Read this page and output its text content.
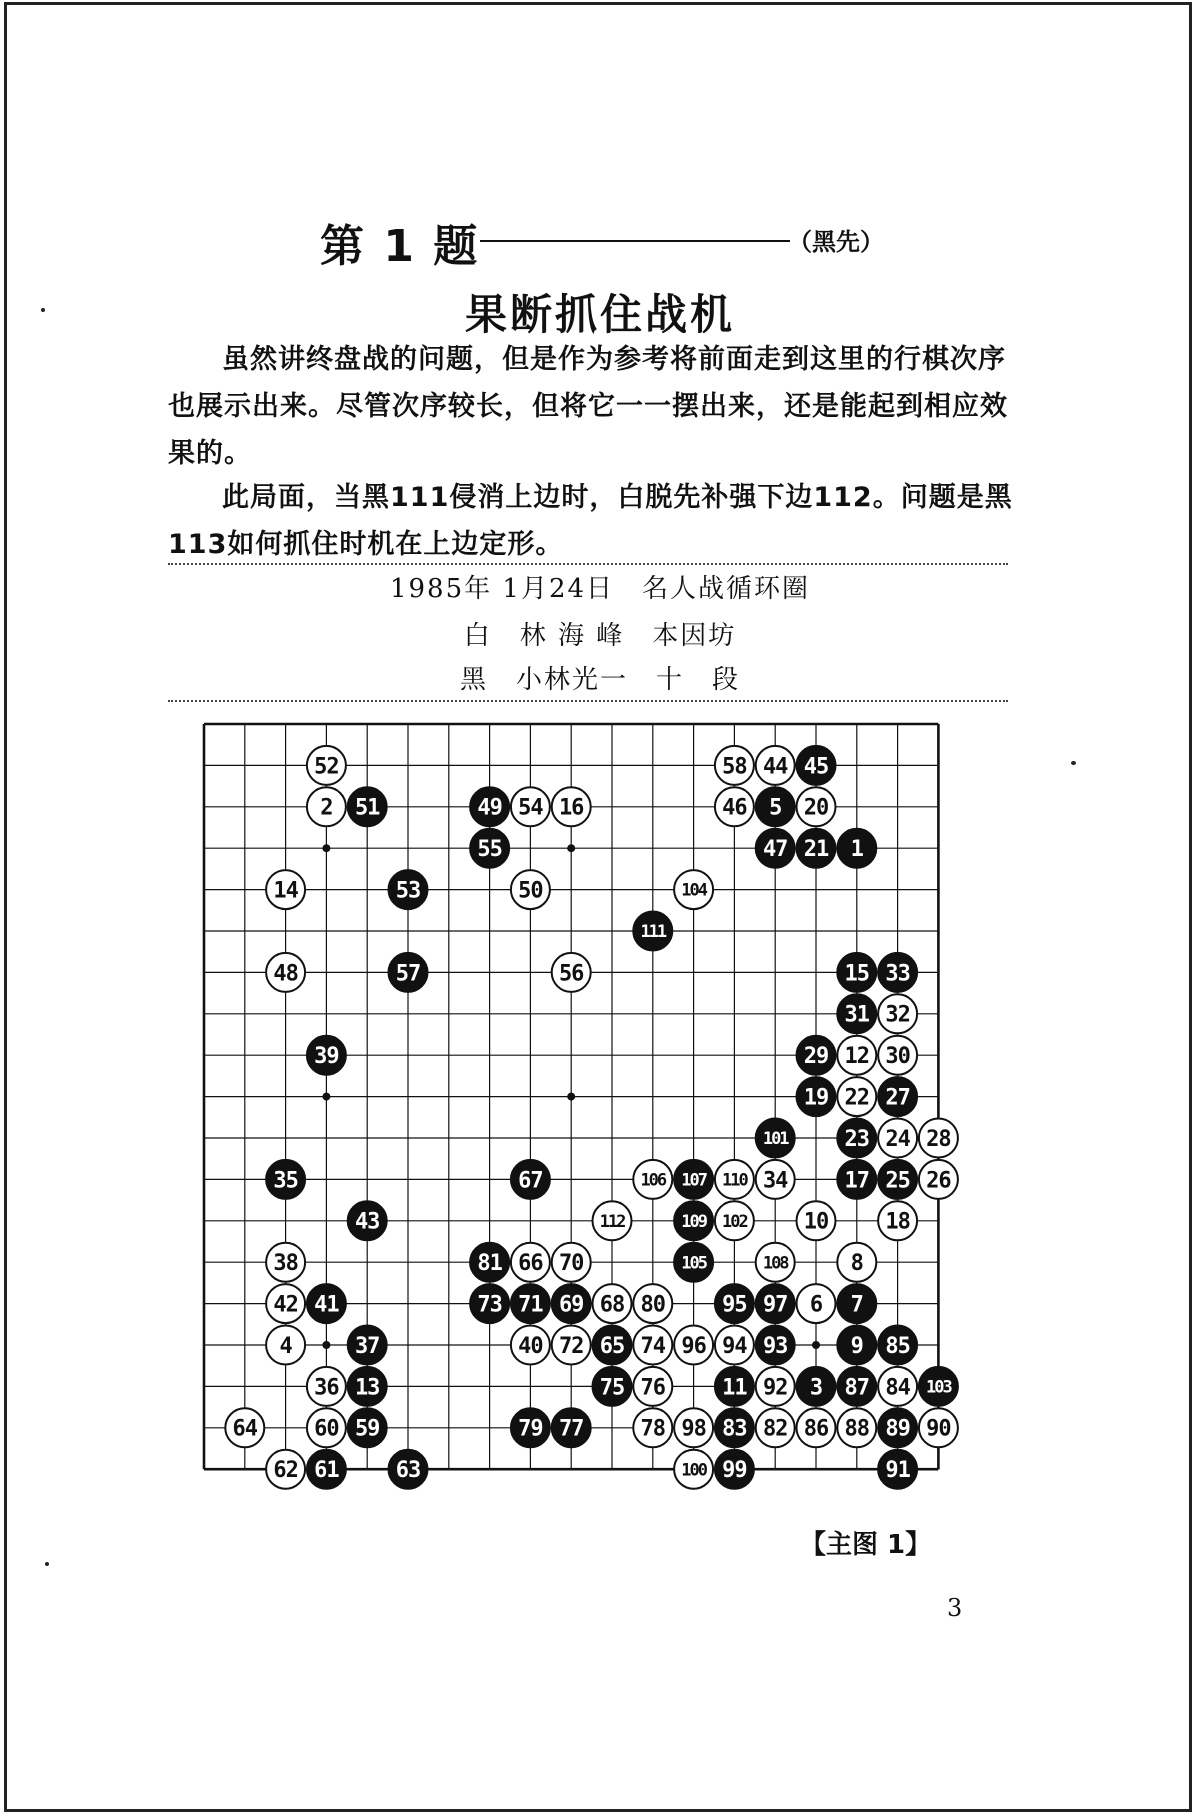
第 1 题	（黑先）
果断抓住战机
虽然讲终盘战的问题，但是作为参考将前面走到这里的行棋次序也展示出来。尽管次序较长，但将它一一摆出来，还是能起到相应效果的。
此局面，当黑111侵消上边时，白脱先补强下边112。问题是黑113如何抓住时机在上边定形。
1985年 1月24日　名人战循环圈
白　林 海 峰　本因坊
黑　小林光一　十　段
52	58 44 45
2 51	49 54 16	46 5 20
55	47 21 1
14	53	50	104
111
48	57	56	15 33
31 32
39	29 12 30
19 22 27
101	23 24 28
35	67	106 107 110 34	17 25 26
43	112	109 102	10	18
38	81 66 70	105	108	8
42 41	73 71 69 68 80	95 97 6 7
4	37	40 72 65 74 96 94 93	9 85
36 13	75 76	11 92 3 87 84 103
64	60 59	79 77	78 98 83 82 86 88 89 90
62 61	63	100 99	91
【主图 1】
3
